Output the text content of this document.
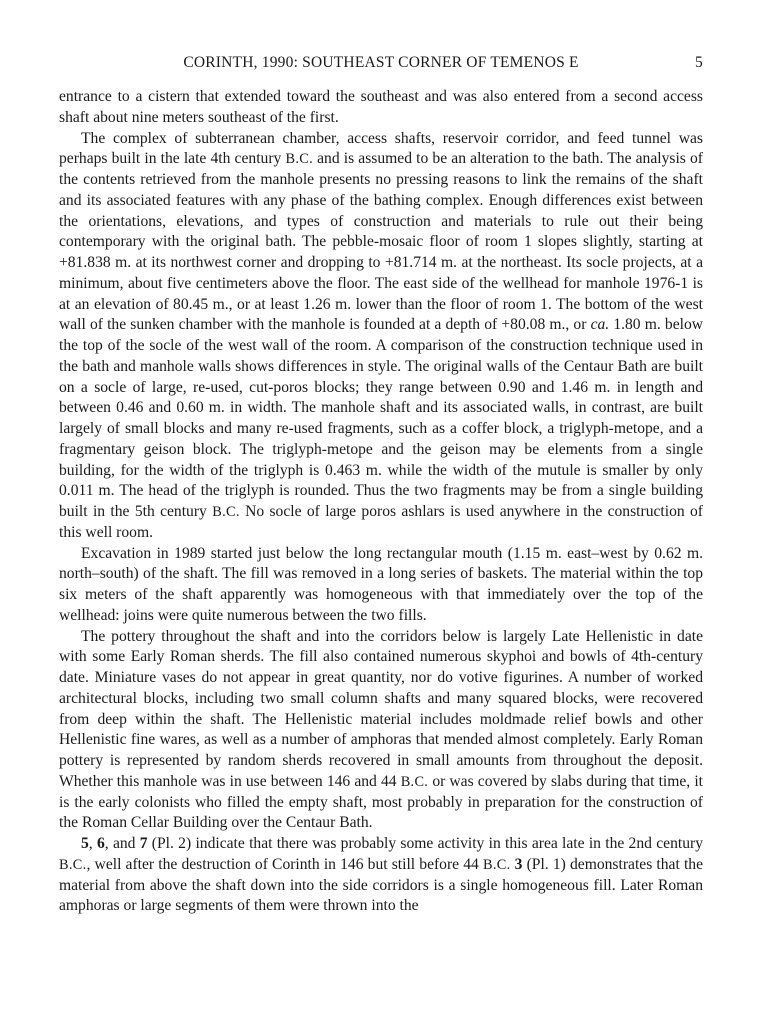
CORINTH, 1990: SOUTHEAST CORNER OF TEMENOS E	5

entrance to a cistern that extended toward the southeast and was also entered from a second access shaft about nine meters southeast of the first.

The complex of subterranean chamber, access shafts, reservoir corridor, and feed tunnel was perhaps built in the late 4th century B.C. and is assumed to be an alteration to the bath. The analysis of the contents retrieved from the manhole presents no pressing reasons to link the remains of the shaft and its associated features with any phase of the bathing complex. Enough differences exist between the orientations, elevations, and types of construction and materials to rule out their being contemporary with the original bath. The pebble-mosaic floor of room 1 slopes slightly, starting at +81.838 m. at its northwest corner and dropping to +81.714 m. at the northeast. Its socle projects, at a minimum, about five centimeters above the floor. The east side of the wellhead for manhole 1976-1 is at an elevation of 80.45 m., or at least 1.26 m. lower than the floor of room 1. The bottom of the west wall of the sunken chamber with the manhole is founded at a depth of +80.08 m., or ca. 1.80 m. below the top of the socle of the west wall of the room. A comparison of the construction technique used in the bath and manhole walls shows differences in style. The original walls of the Centaur Bath are built on a socle of large, re-used, cut-poros blocks; they range between 0.90 and 1.46 m. in length and between 0.46 and 0.60 m. in width. The manhole shaft and its associated walls, in contrast, are built largely of small blocks and many re-used fragments, such as a coffer block, a triglyph-metope, and a fragmentary geison block. The triglyph-metope and the geison may be elements from a single building, for the width of the triglyph is 0.463 m. while the width of the mutule is smaller by only 0.011 m. The head of the triglyph is rounded. Thus the two fragments may be from a single building built in the 5th century B.C. No socle of large poros ashlars is used anywhere in the construction of this well room.

Excavation in 1989 started just below the long rectangular mouth (1.15 m. east–west by 0.62 m. north–south) of the shaft. The fill was removed in a long series of baskets. The material within the top six meters of the shaft apparently was homogeneous with that immediately over the top of the wellhead: joins were quite numerous between the two fills.

The pottery throughout the shaft and into the corridors below is largely Late Hellenistic in date with some Early Roman sherds. The fill also contained numerous skyphoi and bowls of 4th-century date. Miniature vases do not appear in great quantity, nor do votive figurines. A number of worked architectural blocks, including two small column shafts and many squared blocks, were recovered from deep within the shaft. The Hellenistic material includes moldmade relief bowls and other Hellenistic fine wares, as well as a number of amphoras that mended almost completely. Early Roman pottery is represented by random sherds recovered in small amounts from throughout the deposit. Whether this manhole was in use between 146 and 44 B.C. or was covered by slabs during that time, it is the early colonists who filled the empty shaft, most probably in preparation for the construction of the Roman Cellar Building over the Centaur Bath.

5, 6, and 7 (Pl. 2) indicate that there was probably some activity in this area late in the 2nd century B.C., well after the destruction of Corinth in 146 but still before 44 B.C. 3 (Pl. 1) demonstrates that the material from above the shaft down into the side corridors is a single homogeneous fill. Later Roman amphoras or large segments of them were thrown into the
